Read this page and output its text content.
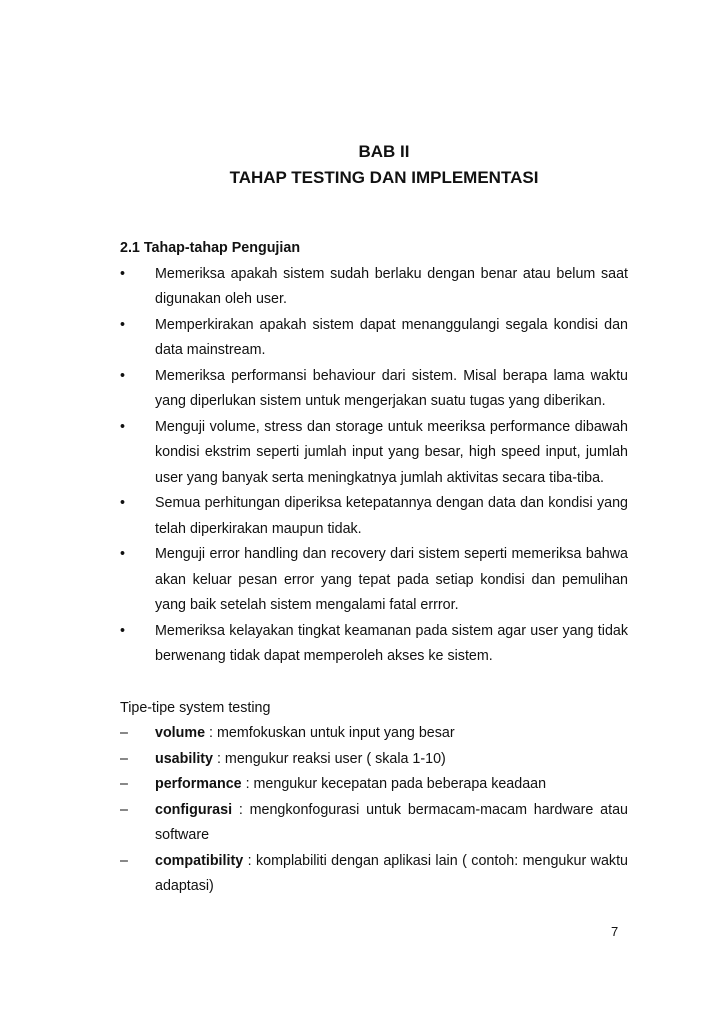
BAB II
TAHAP TESTING DAN IMPLEMENTASI

2.1 Tahap-tahap Pengujian

• Memeriksa apakah sistem sudah berlaku dengan benar atau belum saat digunakan oleh user.
• Memperkirakan apakah sistem dapat menanggulangi segala kondisi dan data mainstream.
• Memeriksa performansi behaviour dari sistem. Misal berapa lama waktu yang diperlukan sistem untuk mengerjakan suatu tugas yang diberikan.
• Menguji volume, stress dan storage untuk meeriksa performance dibawah kondisi ekstrim seperti jumlah input yang besar, high speed input, jumlah user yang banyak serta meningkatnya jumlah aktivitas secara tiba-tiba.
• Semua perhitungan diperiksa ketepatannya dengan data dan kondisi yang telah diperkirakan maupun tidak.
• Menguji error handling dan recovery dari sistem seperti memeriksa bahwa akan keluar pesan error yang tepat pada setiap kondisi dan pemulihan yang baik setelah sistem mengalami fatal errror.
• Memeriksa kelayakan tingkat keamanan pada sistem agar user yang tidak berwenang tidak dapat memperoleh akses ke sistem.

Tipe-tipe system testing

– volume : memfokuskan untuk input yang besar
– usability : mengukur reaksi user ( skala 1-10)
– performance : mengukur kecepatan pada beberapa keadaan
– configurasi : mengkonfogurasi untuk bermacam-macam hardware atau software
– compatibility : komplabiliti dengan aplikasi lain ( contoh: mengukur waktu adaptasi)
7
